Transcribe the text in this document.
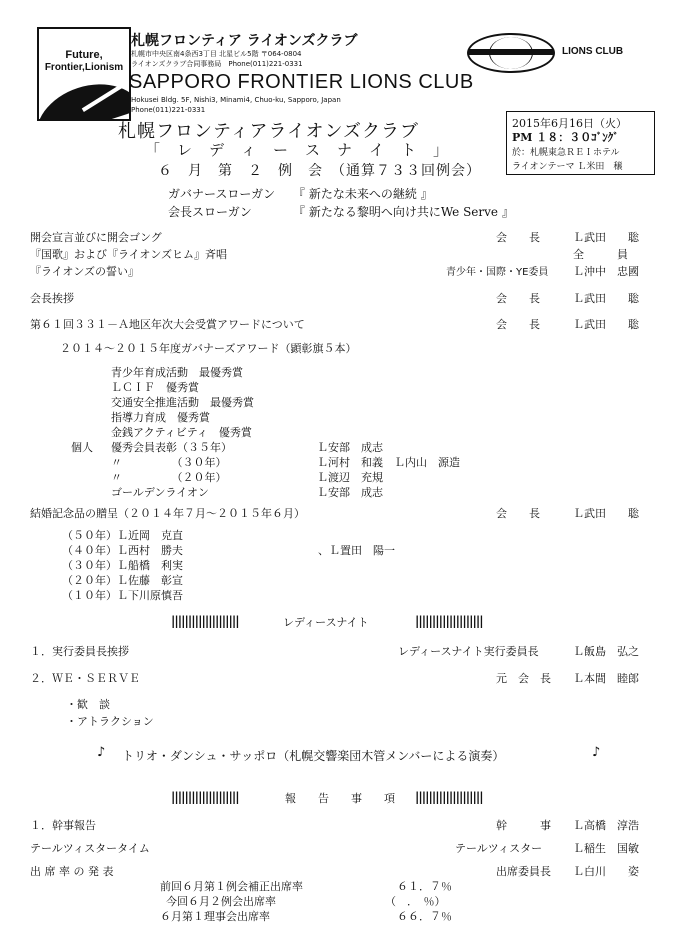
Future,
Frontier,Lionism
札幌フロンティア ライオンズクラブ
札幌市中央区南4条西3丁目 北星ビル5階 〒064-0804
ライオンズクラブ合同事務局　Phone(011)221-0331
SAPPORO FRONTIER LIONS CLUB
Hokusei Bldg. 5F, Nishi3, Minami4, Chuo-ku, Sapporo, Japan
Phone(011)221-0331
LIONS CLUB
2015年6月16日（火）
PM １８：３０ｺﾞﾝｸﾞ
於：札幌東急ＲＥＩホテル
ライオンテーマ Ｌ米田　穣
札幌フロンティアライオンズクラブ
「　レ　デ　ィ　ー　ス　ナ　イ　ト　」
６　月　第　２　例　会　（通算７３３回例会）
ガバナースローガン 『 新たな未来への継続 』
会長スローガン	『 新たなる黎明へ向け共にWe Serve 』
開会宣言並びに開会ゴング	会　　長	Ｌ武田　　聡
『国歌』および『ライオンズヒム』斉唱	全　　　員
『ライオンズの誓い』	青少年・国際・YE委員 Ｌ沖中　忠國
会長挨拶	会　　長	Ｌ武田　　聡
第６１回３３１－Ａ地区年次大会受賞アワードについて	会　　長	Ｌ武田　　聡
２０１４～２０１５年度ガバナーズアワード（顕彰旗５本）
青少年育成活動　最優秀賞
ＬＣＩＦ　優秀賞
交通安全推進活動　最優秀賞
指導力育成　優秀賞
金銭アクティビティ　優秀賞
個人 優秀会員表彰（３５年）	Ｌ安部　成志
〃　　　　　（３０年）	Ｌ河村　和義　Ｌ内山　源造
〃　　　　　（２０年）	Ｌ渡辺　充規
ゴールデンライオン	Ｌ安部　成志
結婚記念品の贈呈（２０１４年７月～２０１５年６月）	会　　長	Ｌ武田　　聡
（５０年）Ｌ近岡　克直
（４０年）Ｌ西村　勝夫	、Ｌ置田　陽一
（３０年）Ｌ船橋　利実
（２０年）Ｌ佐藤　彰宣
（１０年）Ｌ下川原慎吾
||||||||||||||||||||	レディースナイト	||||||||||||||||||||
１．実行委員長挨拶	レディースナイト実行委員長	Ｌ飯島　弘之
２．ＷＥ・ＳＥＲＶＥ	元　会　長 Ｌ本間　睦郎
・歓　談
・アトラクション
♪ トリオ・ダンシュ・サッポロ（札幌交響楽団木管メンバーによる演奏）	♪
||||||||||||||||||||	報　　告　　事　　項 ||||||||||||||||||||
１．幹事報告	幹　　　事 Ｌ高橋　淳浩
テールツィスタータイム	テールツィスター	Ｌ稲生　国敏
出 席 率 の 発 表	出席委員長 Ｌ白川　　姿
前回６月第１例会補正出席率	６１．７％
今回６月２例会出席率	（　．　％）
６月第１理事会出席率	６６．７％
